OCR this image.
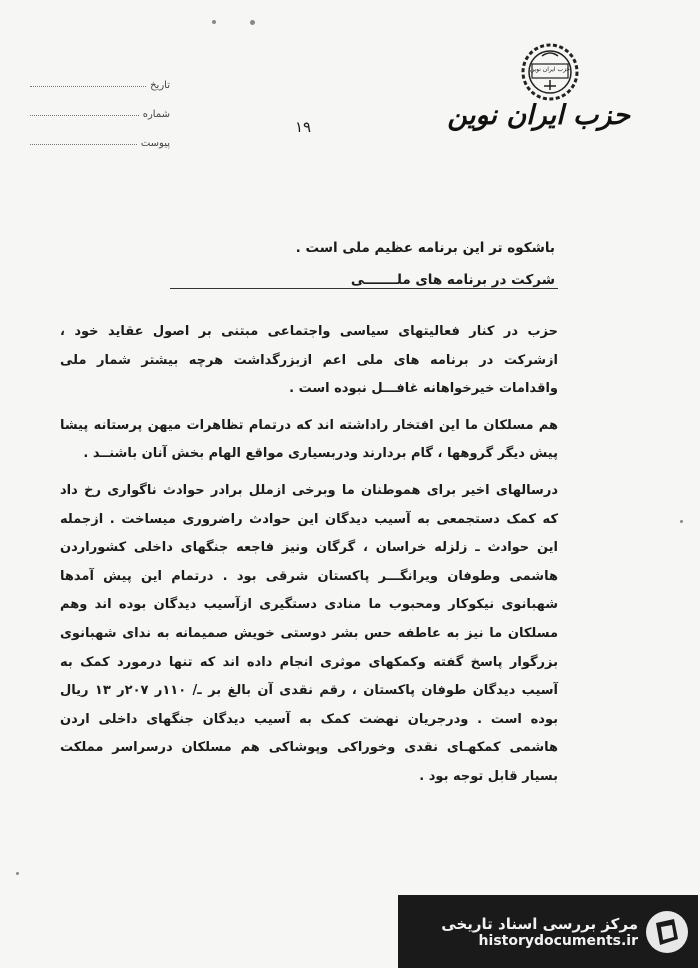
حزب ایران نوین
حزب ایران نوین
۱۹
تاریخ
شماره
پیوست
باشکوه تر این برنامه عظیم ملی است .
شرکت در برنامه های ملـــــــی

حزب در کنار فعالیتهای سیاسی واجتماعی مبتنی بر اصول عقاید خود ، ازشرکت در برنامه های ملی اعم ازبزرگداشت هرچه بیشتر شمار ملی واقدامات خیرخواهانه غافـــل نبوده است .

هم مسلکان ما این افتخار راداشته اند که درتمام تظاهرات میهن پرستانه پیشا پیش دیگر گروهها ، گام بردارند ودربسیاری مواقع الهام بخش آنان باشنــد .

درسالهای اخیر برای هموطنان ما وبرخی ازملل برادر حوادث ناگواری رخ داد که کمک دستجمعی به آسیب دیدگان این حوادث راضروری میساخت . ازجمله این حوادث ـ زلزله خراسان ، گرگان ونیز فاجعه جنگهای داخلی کشوراردن هاشمی وطوفان ویرانگـــر پاکستان شرقی بود . درتمام این پیش آمدها شهبانوی نیکوکار ومحبوب ما منادی دستگیری ازآسیب دیدگان بوده اند وهم مسلکان ما نیز به عاطفه حس بشر دوستی خویش صمیمانه به ندای شهبانوی بزرگوار پاسخ گفته وکمکهای موثری انجام داده اند که تنها درمورد کمک به آسیب دیدگان طوفان پاکستان ، رقم نقدی آن بالغ بر ـ/ ۱۱۰ر ۲۰۷ر ۱۳ ریال بوده است . ودرجریان نهضت کمک به آسیب دیدگان جنگهای داخلی اردن هاشمی کمکهـای نقدی وخوراکی وپوشاکی هم مسلکان درسراسر مملکت بسیار قابل توجه بود .

مرکز بررسی اسناد تاریخی
historydocuments.ir
